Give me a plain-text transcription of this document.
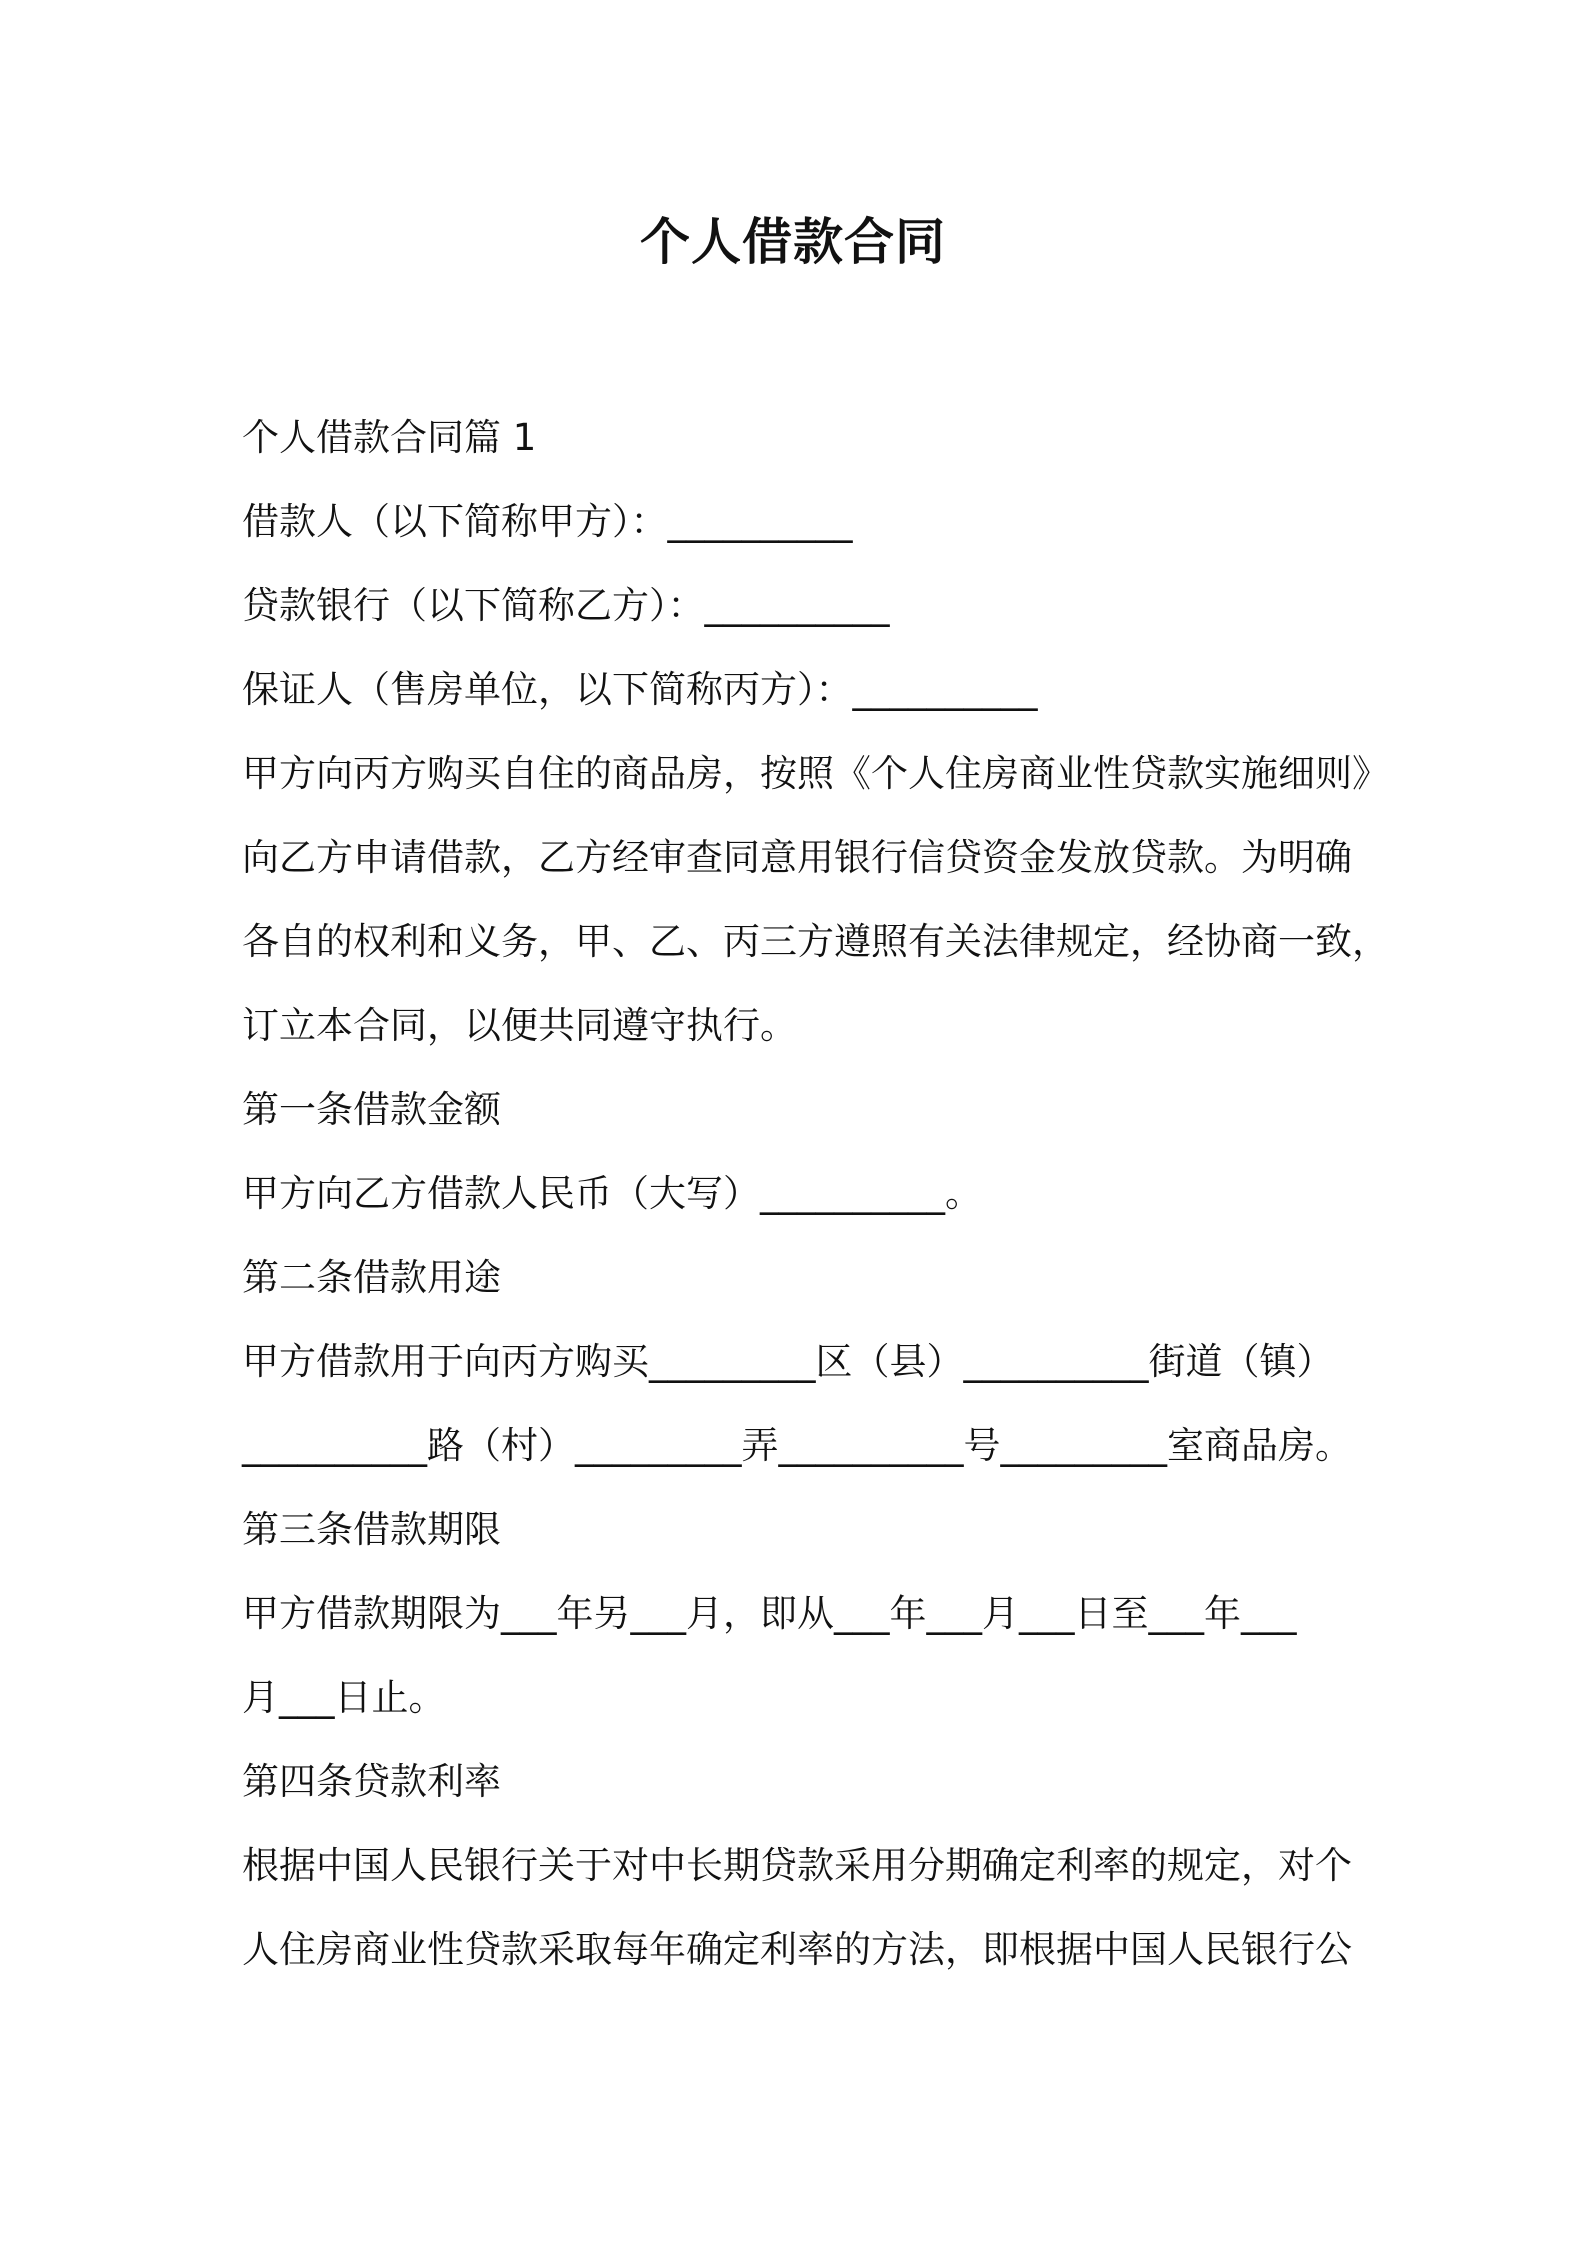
个人借款合同
个人借款合同篇 1
借款人（以下简称甲方）：__________
贷款银行（以下简称乙方）：__________
保证人（售房单位，以下简称丙方）：__________
甲方向丙方购买自住的商品房，按照《个人住房商业性贷款实施细则》
向乙方申请借款，乙方经审查同意用银行信贷资金发放贷款。为明确
各自的权利和义务，甲、乙、丙三方遵照有关法律规定，经协商一致，
订立本合同，以便共同遵守执行。
第一条借款金额
甲方向乙方借款人民币（大写）__________。
第二条借款用途
甲方借款用于向丙方购买_________区（县）__________街道（镇）
__________路（村）_________弄__________号_________室商品房。
第三条借款期限
甲方借款期限为___年另___月，即从___年___月___日至___年___
月___日止。
第四条贷款利率
根据中国人民银行关于对中长期贷款采用分期确定利率的规定，对个
人住房商业性贷款采取每年确定利率的方法，即根据中国人民银行公
